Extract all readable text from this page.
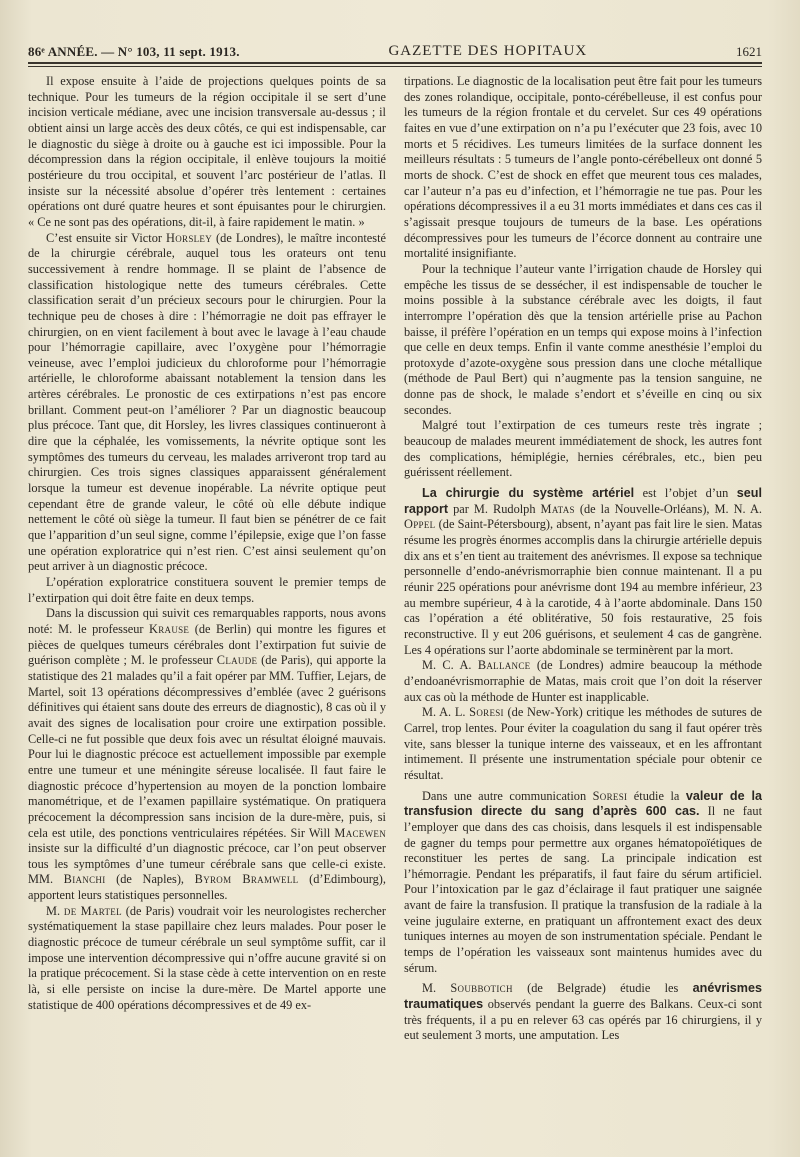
86ᵉ ANNÉE. — N° 103, 11 sept. 1913.	GAZETTE DES HOPITAUX	1621

Il expose ensuite à l’aide de projections quelques points de sa technique. Pour les tumeurs de la région occipitale il se sert d’une incision verticale médiane, avec une incision transversale au-dessus ; il obtient ainsi un large accès des deux côtés, ce qui est indispensable, car le diagnostic du siège à droite ou à gauche est ici impossible. Pour la décompression dans la région occipitale, il enlève toujours la moitié postérieure du trou occipital, et souvent l’arc postérieur de l’atlas. Il insiste sur la nécessité absolue d’opérer très lentement : certaines opérations ont duré quatre heures et sont épuisantes pour le chirurgien. « Ce ne sont pas des opérations, dit-il, à faire rapidement le matin. »

C’est ensuite sir Victor Horsley (de Londres), le maître incontesté de la chirurgie cérébrale, auquel tous les orateurs ont tenu successivement à rendre hommage. Il se plaint de l’absence de classification histologique nette des tumeurs cérébrales. Cette classification serait d’un précieux secours pour le chirurgien. Pour la technique peu de choses à dire : l’hémorragie ne doit pas effrayer le chirurgien, on en vient facilement à bout avec le lavage à l’eau chaude pour l’hémorragie capillaire, avec l’oxygène pour l’hémorragie veineuse, avec l’emploi judicieux du chloroforme pour l’hémorragie artérielle, le chloroforme abaissant notablement la tension dans les artères cérébrales. Le pronostic de ces extirpations n’est pas encore brillant. Comment peut-on l’améliorer ? Par un diagnostic beaucoup plus précoce. Tant que, dit Horsley, les livres classiques continueront à dire que la céphalée, les vomissements, la névrite optique sont les symptômes des tumeurs du cerveau, les malades arriveront trop tard au chirurgien. Ces trois signes classiques apparaissent généralement lorsque la tumeur est devenue inopérable. La névrite optique peut cependant être de grande valeur, le côté où elle débute indique nettement le côté où siège la tumeur. Il faut bien se pénétrer de ce fait que l’apparition d’un seul signe, comme l’épilepsie, exige que l’on fasse une opération exploratrice qui n’est rien. C’est ainsi seulement qu’on peut arriver à un diagnostic précoce.

L’opération exploratrice constituera souvent le premier temps de l’extirpation qui doit être faite en deux temps.

Dans la discussion qui suivit ces remarquables rapports, nous avons noté: M. le professeur Krause (de Berlin) qui montre les figures et pièces de quelques tumeurs cérébrales dont l’extirpation fut suivie de guérison complète ; M. le professeur Claude (de Paris), qui apporte la statistique des 21 malades qu’il a fait opérer par MM. Tuffier, Lejars, de Martel, soit 13 opérations décompressives d’emblée (avec 2 guérisons définitives qui étaient sans doute des erreurs de diagnostic), 8 cas où il y avait des signes de localisation pour croire une extirpation possible. Celle-ci ne fut possible que deux fois avec un résultat éloigné mauvais. Pour lui le diagnostic précoce est actuellement impossible par exemple entre une tumeur et une méningite séreuse localisée. Il faut faire le diagnostic précoce d’hypertension au moyen de la ponction lombaire manométrique, et de l’examen papillaire systématique. On pratiquera précocement la décompression sans incision de la dure-mère, puis, si cela est utile, des ponctions ventriculaires répétées. Sir Will Macewen insiste sur la difficulté d’un diagnostic précoce, car l’on peut observer tous les symptômes d’une tumeur cérébrale sans que celle-ci existe. MM. Bianchi (de Naples), Byrom Bramwell (d’Edimbourg), apportent leurs statistiques personnelles.

M. de Martel (de Paris) voudrait voir les neurologistes rechercher systématiquement la stase papillaire chez leurs malades. Pour poser le diagnostic précoce de tumeur cérébrale un seul symptôme suffit, car il impose une intervention décompressive qui n’offre aucune gravité si on la pratique précocement. Si la stase cède à cette intervention on en reste là, si elle persiste on incise la dure-mère. De Martel apporte une statistique de 400 opérations décompressives et de 49 ex-

tirpations. Le diagnostic de la localisation peut être fait pour les tumeurs des zones rolandique, occipitale, ponto-cérébelleuse, il est confus pour les tumeurs de la région frontale et du cervelet. Sur ces 49 opérations faites en vue d’une extirpation on n’a pu l’exécuter que 23 fois, avec 10 morts et 5 récidives. Les tumeurs limitées de la surface donnent les meilleurs résultats : 5 tumeurs de l’angle ponto-cérébelleux ont donné 5 morts de shock. C’est de shock en effet que meurent tous ces malades, car l’auteur n’a pas eu d’infection, et l’hémorragie ne tue pas. Pour les opérations décompressives il a eu 31 morts immédiates et dans ces cas il s’agissait presque toujours de tumeurs de la base. Les opérations décompressives pour les tumeurs de l’écorce donnent au contraire une mortalité insignifiante.

Pour la technique l’auteur vante l’irrigation chaude de Horsley qui empêche les tissus de se dessécher, il est indispensable de toucher le moins possible à la substance cérébrale avec les doigts, il faut interrompre l’opération dès que la tension artérielle prise au Pachon baisse, il préfère l’opération en un temps qui expose moins à l’infection que celle en deux temps. Enfin il vante comme anesthésie l’emploi du protoxyde d’azote-oxygène sous pression dans une cloche métallique (méthode de Paul Bert) qui n’augmente pas la tension sanguine, ne donne pas de shock, le malade s’endort et s’éveille en cinq ou six secondes.

Malgré tout l’extirpation de ces tumeurs reste très ingrate ; beaucoup de malades meurent immédiatement de shock, les autres font des complications, hémiplégie, hernies cérébrales, etc., bien peu guérissent réellement.

La chirurgie du système artériel est l’objet d’un seul rapport par M. Rudolph Matas (de la Nouvelle-Orléans), M. N. A. Oppel (de Saint-Pétersbourg), absent, n’ayant pas fait lire le sien. Matas résume les progrès énormes accomplis dans la chirurgie artérielle depuis dix ans et s’en tient au traitement des anévrismes. Il expose sa technique personnelle d’endo-anévrismorraphie bien connue maintenant. Il a pu réunir 225 opérations pour anévrisme dont 194 au membre inférieur, 23 au membre supérieur, 4 à la carotide, 4 à l’aorte abdominale. Dans 150 cas l’opération a été oblitérative, 50 fois restaurative, 25 fois reconstructive. Il y eut 206 guérisons, et seulement 4 cas de gangrène. Les 4 opérations sur l’aorte abdominale se terminèrent par la mort.

M. C. A. Ballance (de Londres) admire beaucoup la méthode d’endoanévrismorraphie de Matas, mais croit que l’on doit la réserver aux cas où la méthode de Hunter est inapplicable.

M. A. L. Soresi (de New-York) critique les méthodes de sutures de Carrel, trop lentes. Pour éviter la coagulation du sang il faut opérer très vite, sans blesser la tunique interne des vaisseaux, et en les affrontant intimement. Il présente une instrumentation spéciale pour obtenir ce résultat.

Dans une autre communication Soresi étudie la valeur de la transfusion directe du sang d’après 600 cas. Il ne faut l’employer que dans des cas choisis, dans lesquels il est indispensable de gagner du temps pour permettre aux organes hématopoïétiques de reconstituer les pertes de sang. La principale indication est l’hémorragie. Pendant les préparatifs, il faut faire du sérum artificiel. Pour l’intoxication par le gaz d’éclairage il faut pratiquer une saignée avant de faire la transfusion. Il pratique la transfusion de la radiale à la veine jugulaire externe, en pratiquant un affrontement exact des deux tuniques internes au moyen de son instrumentation spéciale. Pendant le temps de l’opération les vaisseaux sont maintenus humides avec du sérum.

M. Soubbotich (de Belgrade) étudie les anévrismes traumatiques observés pendant la guerre des Balkans. Ceux-ci sont très fréquents, il a pu en relever 63 cas opérés par 16 chirurgiens, il y eut seulement 3 morts, une amputation. Les
